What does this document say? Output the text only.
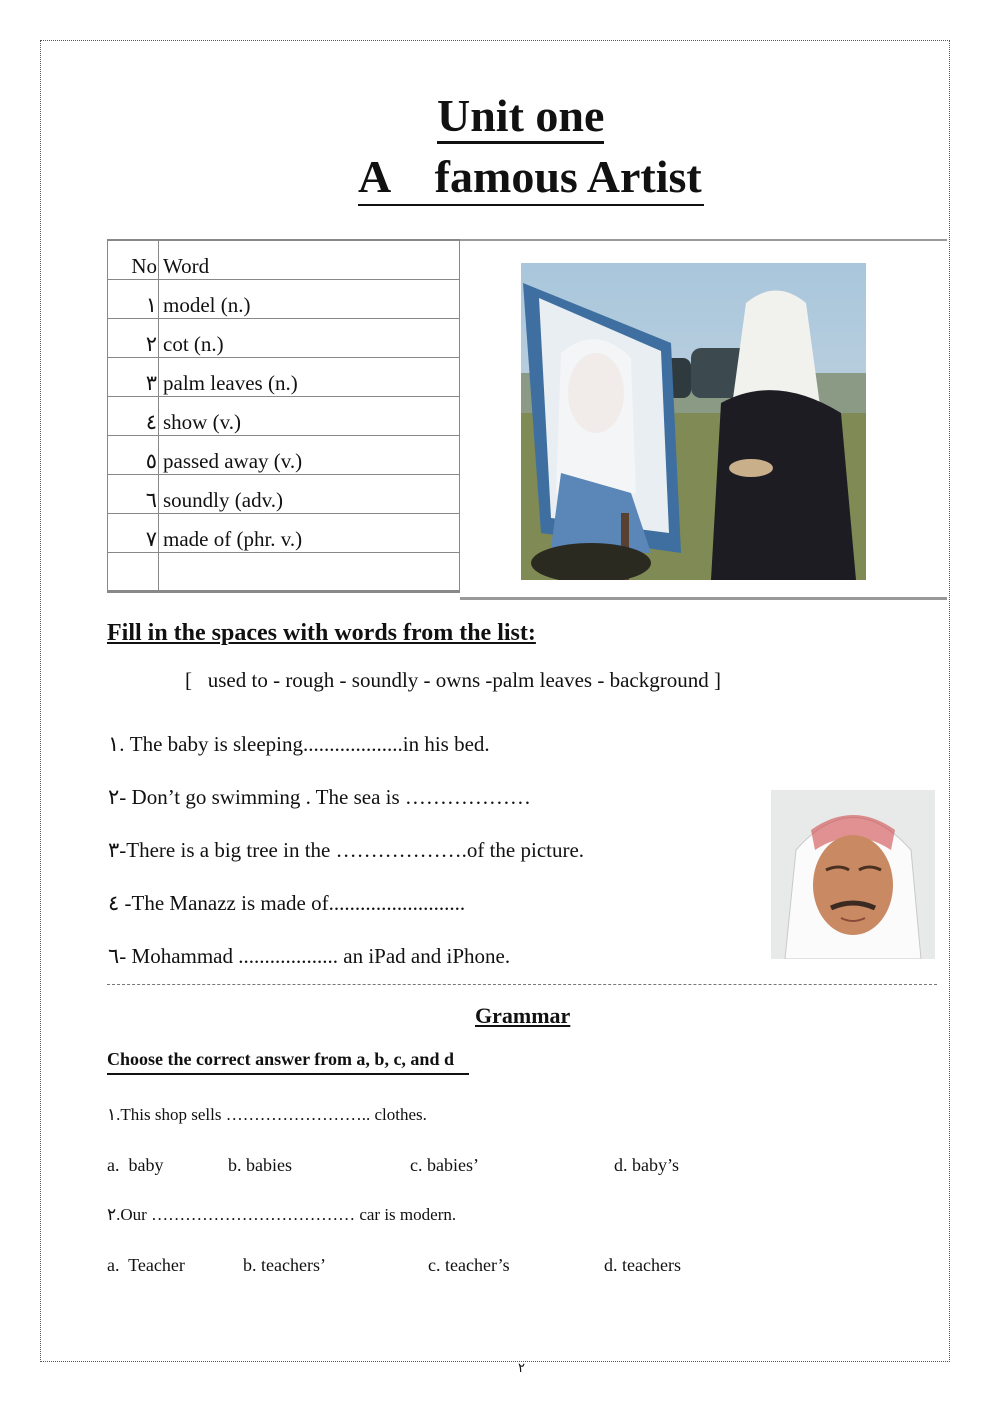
Unit one
A    famous Artist
No	Word
١	model (n.)
٢	cot (n.)
٣	palm leaves (n.)
٤	show (v.)
٥	passed away (v.)
٦	soundly (adv.)
٧	made of (phr. v.)

Fill in the spaces with words from the list:
[   used to - rough - soundly - owns -palm leaves - background ]
١. The baby is sleeping...................in his bed.
٢- Don’t go swimming . The sea is ………………
٣-There is a big tree in the ……………….of the picture.
٤ -The Manazz is made of..........................
٦- Mohammad ................... an iPad and iPhone.
Grammar
Choose the correct answer from a, b, c, and d
١.This shop sells …………………….. clothes.
a.  baby	b. babies	c. babies’	d. baby’s
٢.Our ……………………………… car is modern.
a.  Teacher	b. teachers’	c. teacher’s	d. teachers
٢
